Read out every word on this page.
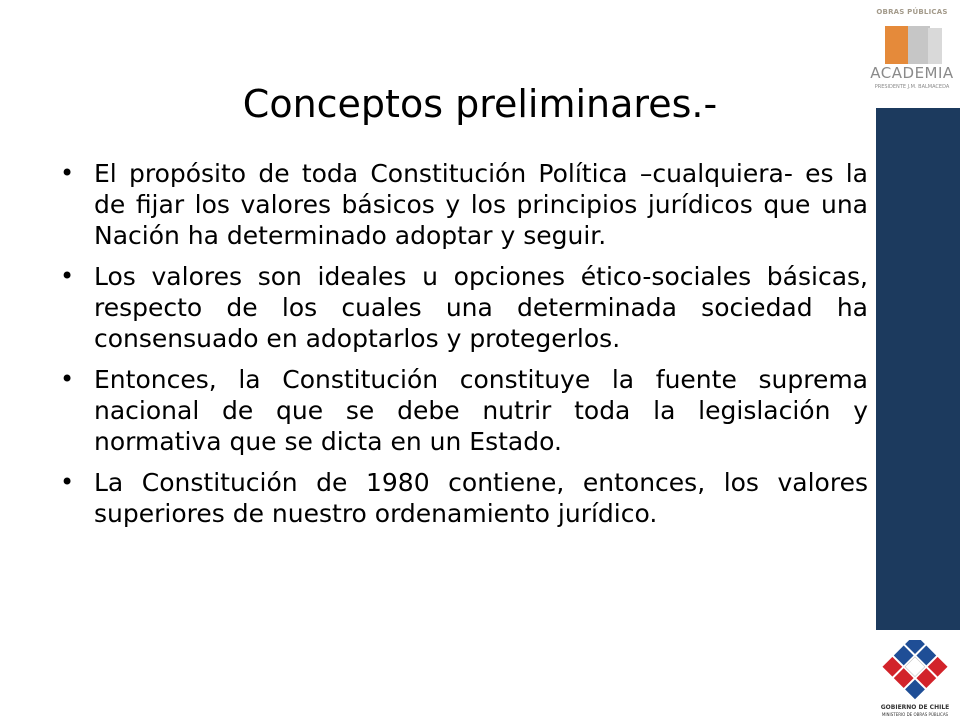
OBRAS PÚBLICAS
ACADEMIA
PRESIDENTE J.M. BALMACEDA
Conceptos preliminares.-
• El propósito de toda Constitución Política –cualquiera- es la de fijar los valores básicos y los principios jurídicos que una Nación ha determinado adoptar y seguir.
• Los valores son ideales u opciones ético-sociales básicas, respecto de los cuales una determinada sociedad ha consensuado en adoptarlos y protegerlos.
• Entonces, la Constitución constituye la fuente suprema nacional de que se debe nutrir toda la legislación y normativa que se dicta en un Estado.
• La Constitución de 1980 contiene, entonces, los valores superiores de nuestro ordenamiento jurídico.
GOBIERNO DE CHILE
MINISTERIO DE OBRAS PÚBLICAS
